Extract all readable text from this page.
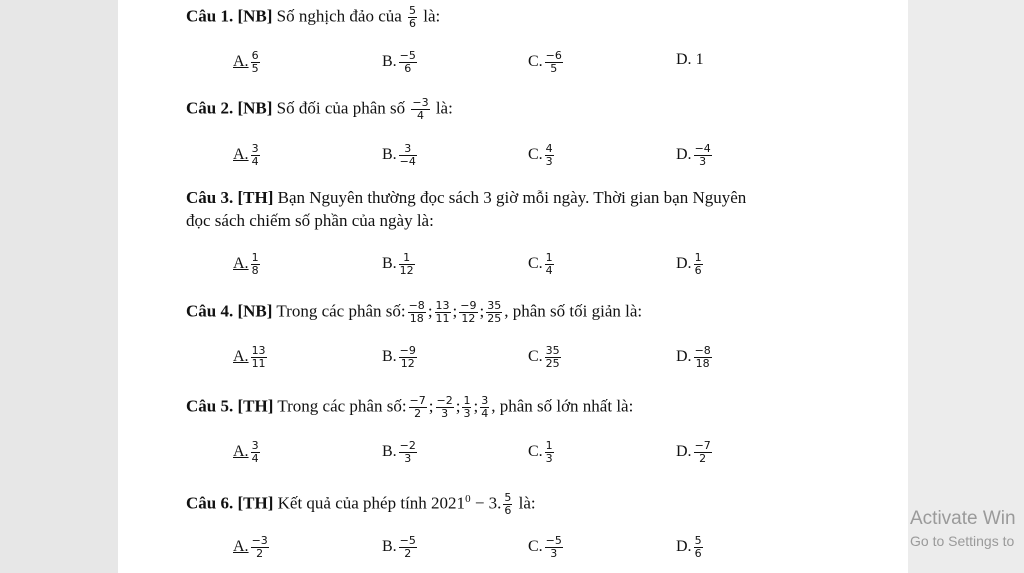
Câu 1. [NB] Số nghịch đảo của $\frac{5}{6}$ là:
A. $\frac{6}{5}$	B. $\frac{-5}{6}$	C. $\frac{-6}{5}$	D. 1
Câu 2. [NB] Số đối của phân số $\frac{-3}{4}$ là:
A. $\frac{3}{4}$	B. $\frac{3}{-4}$	C. $\frac{4}{3}$	D. $\frac{-4}{3}$
Câu 3. [TH] Bạn Nguyên thường đọc sách 3 giờ mỗi ngày. Thời gian bạn Nguyên
đọc sách chiếm số phần của ngày là:
A. $\frac{1}{8}$	B. $\frac{1}{12}$	C. $\frac{1}{4}$	D. $\frac{1}{6}$
Câu 4. [NB] Trong các phân số: $\frac{-8}{18}$ ; $\frac{13}{11}$ ; $\frac{-9}{12}$ ; $\frac{35}{25}$ , phân số tối giản là:
A. $\frac{13}{11}$	B. $\frac{-9}{12}$	C. $\frac{35}{25}$	D. $\frac{-8}{18}$
Câu 5. [TH] Trong các phân số: $\frac{-7}{2}$ ; $\frac{-2}{3}$ ; $\frac{1}{3}$ ; $\frac{3}{4}$ , phân số lớn nhất là:
A. $\frac{3}{4}$	B. $\frac{-2}{3}$	C. $\frac{1}{3}$	D. $\frac{-7}{2}$
Câu 6. [TH] Kết quả của phép tính $2021^0 - 3$. $\frac{5}{6}$ là:
A. $\frac{-3}{2}$	B. $\frac{-5}{2}$	C. $\frac{-5}{3}$	D. $\frac{5}{6}$
Activate Win
Go to Settings to
